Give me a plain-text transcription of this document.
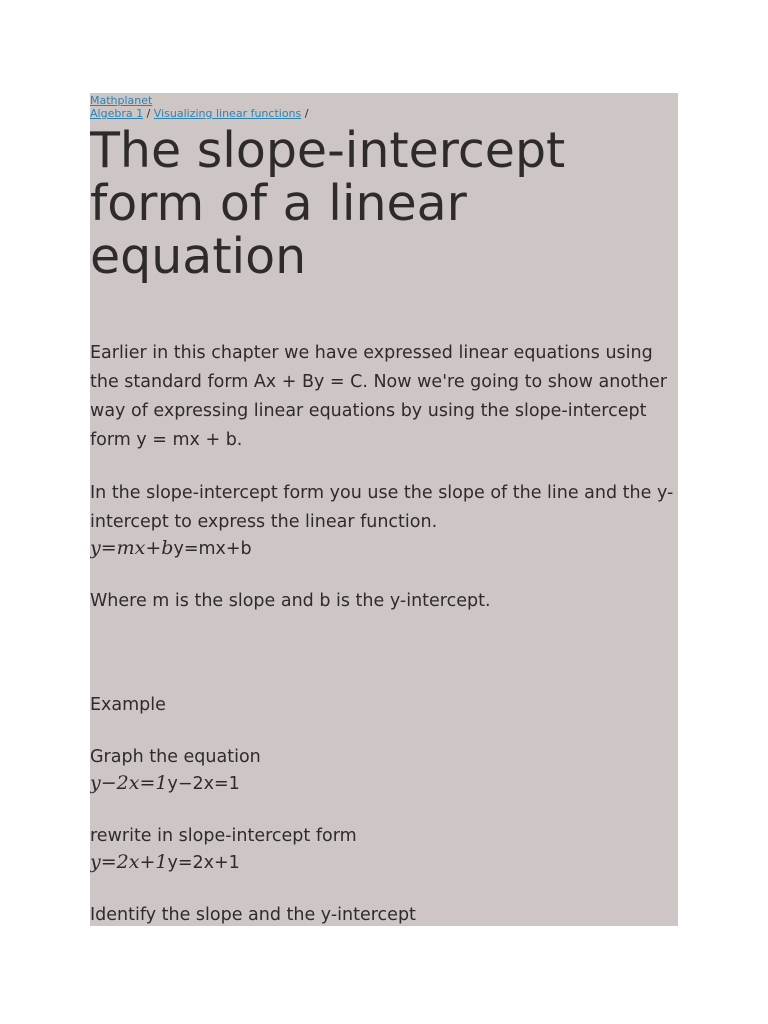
Mathplanet
Algebra 1 / Visualizing linear functions /
The slope-intercept form of a linear equation

Earlier in this chapter we have expressed linear equations using the standard form Ax + By = C. Now we're going to show another way of expressing linear equations by using the slope-intercept form y = mx + b.

In the slope-intercept form you use the slope of the line and the y-intercept to express the linear function.

y=mx+by=mx+b

Where m is the slope and b is the y-intercept.

Example

Graph the equation

y−2x=1y−2x=1

rewrite in slope-intercept form

y=2x+1y=2x+1

Identify the slope and the y-intercept
